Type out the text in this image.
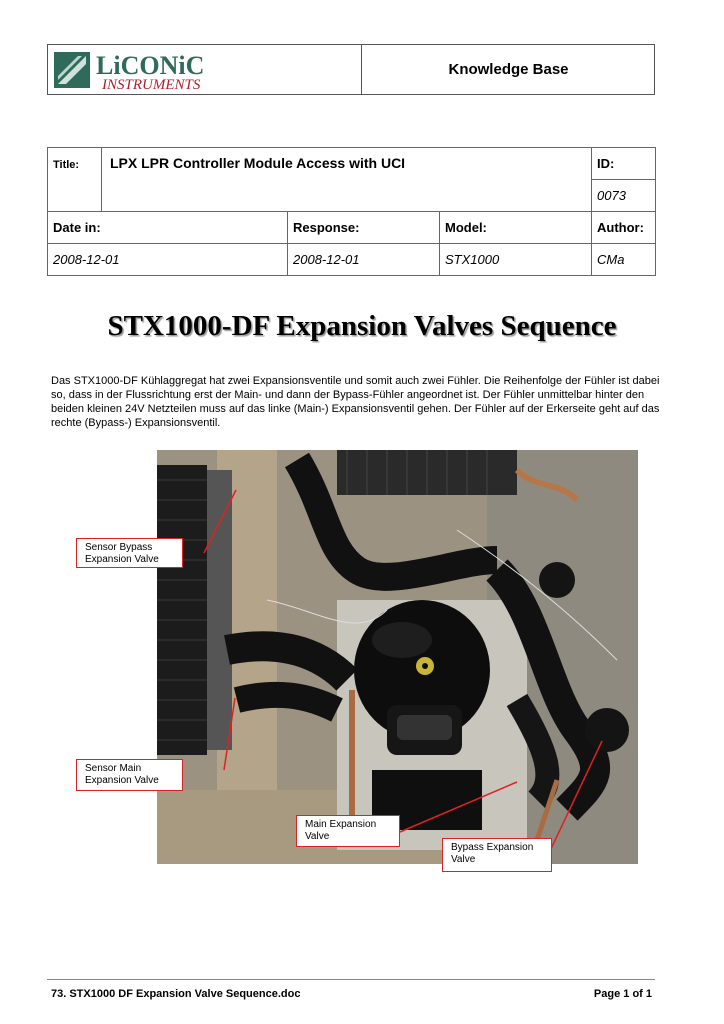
LiCONiC
INSTRUMENTS
Knowledge Base
Title:	LPX LPR Controller Module Access with UCI			ID:
				0073
Date in:		Response:	Model:	Author:
2008-12-01		2008-12-01	STX1000	CMa
STX1000-DF Expansion Valves Sequence
Das STX1000-DF Kühlaggregat hat zwei Expansionsventile und somit auch zwei Fühler. Die Reihenfolge der Fühler ist dabei so, dass in der Flussrichtung erst der Main- und dann der Bypass-Fühler angeordnet ist. Der Fühler unmittelbar hinter den beiden kleinen 24V Netzteilen muss auf das linke (Main-) Expansionsventil gehen. Der Fühler auf der Erkerseite geht auf das rechte (Bypass-) Expansionsventil.
Sensor Bypass
Expansion Valve
Sensor Main
Expansion Valve
Main Expansion
Valve
Bypass Expansion
Valve
73. STX1000 DF Expansion Valve Sequence.doc	Page 1 of 1
